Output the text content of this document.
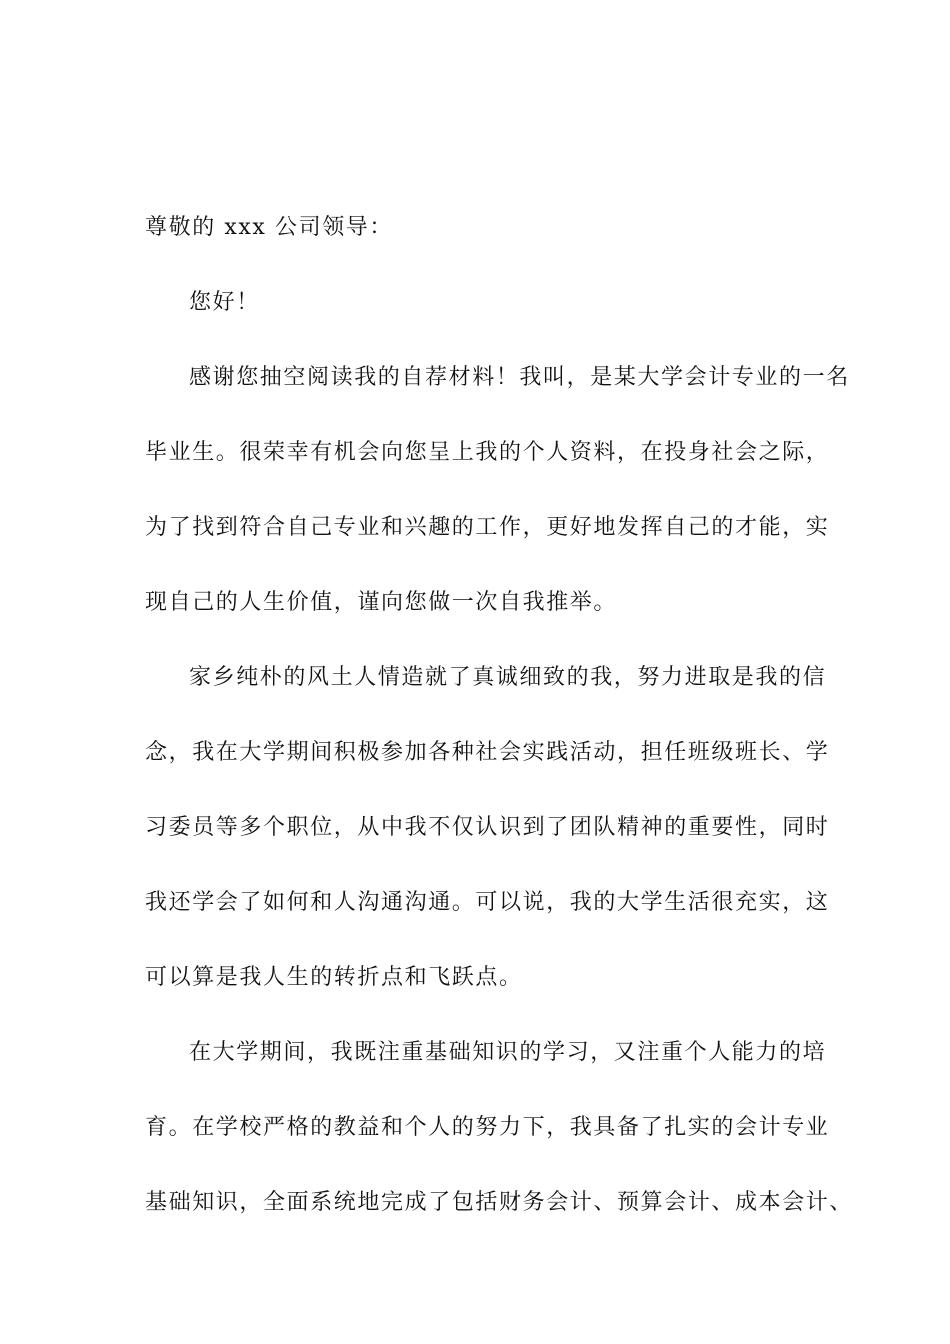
尊敬的 xxx 公司领导：
您好！
感谢您抽空阅读我的自荐材料！我叫，是某大学会计专业的一名
毕业生。很荣幸有机会向您呈上我的个人资料，在投身社会之际，
为了找到符合自己专业和兴趣的工作，更好地发挥自己的才能，实
现自己的人生价值，谨向您做一次自我推举。
家乡纯朴的风土人情造就了真诚细致的我，努力进取是我的信
念，我在大学期间积极参加各种社会实践活动，担任班级班长、学
习委员等多个职位，从中我不仅认识到了团队精神的重要性，同时
我还学会了如何和人沟通沟通。可以说，我的大学生活很充实，这
可以算是我人生的转折点和飞跃点。
在大学期间，我既注重基础知识的学习，又注重个人能力的培
育。在学校严格的教益和个人的努力下，我具备了扎实的会计专业
基础知识，全面系统地完成了包括财务会计、预算会计、成本会计、
